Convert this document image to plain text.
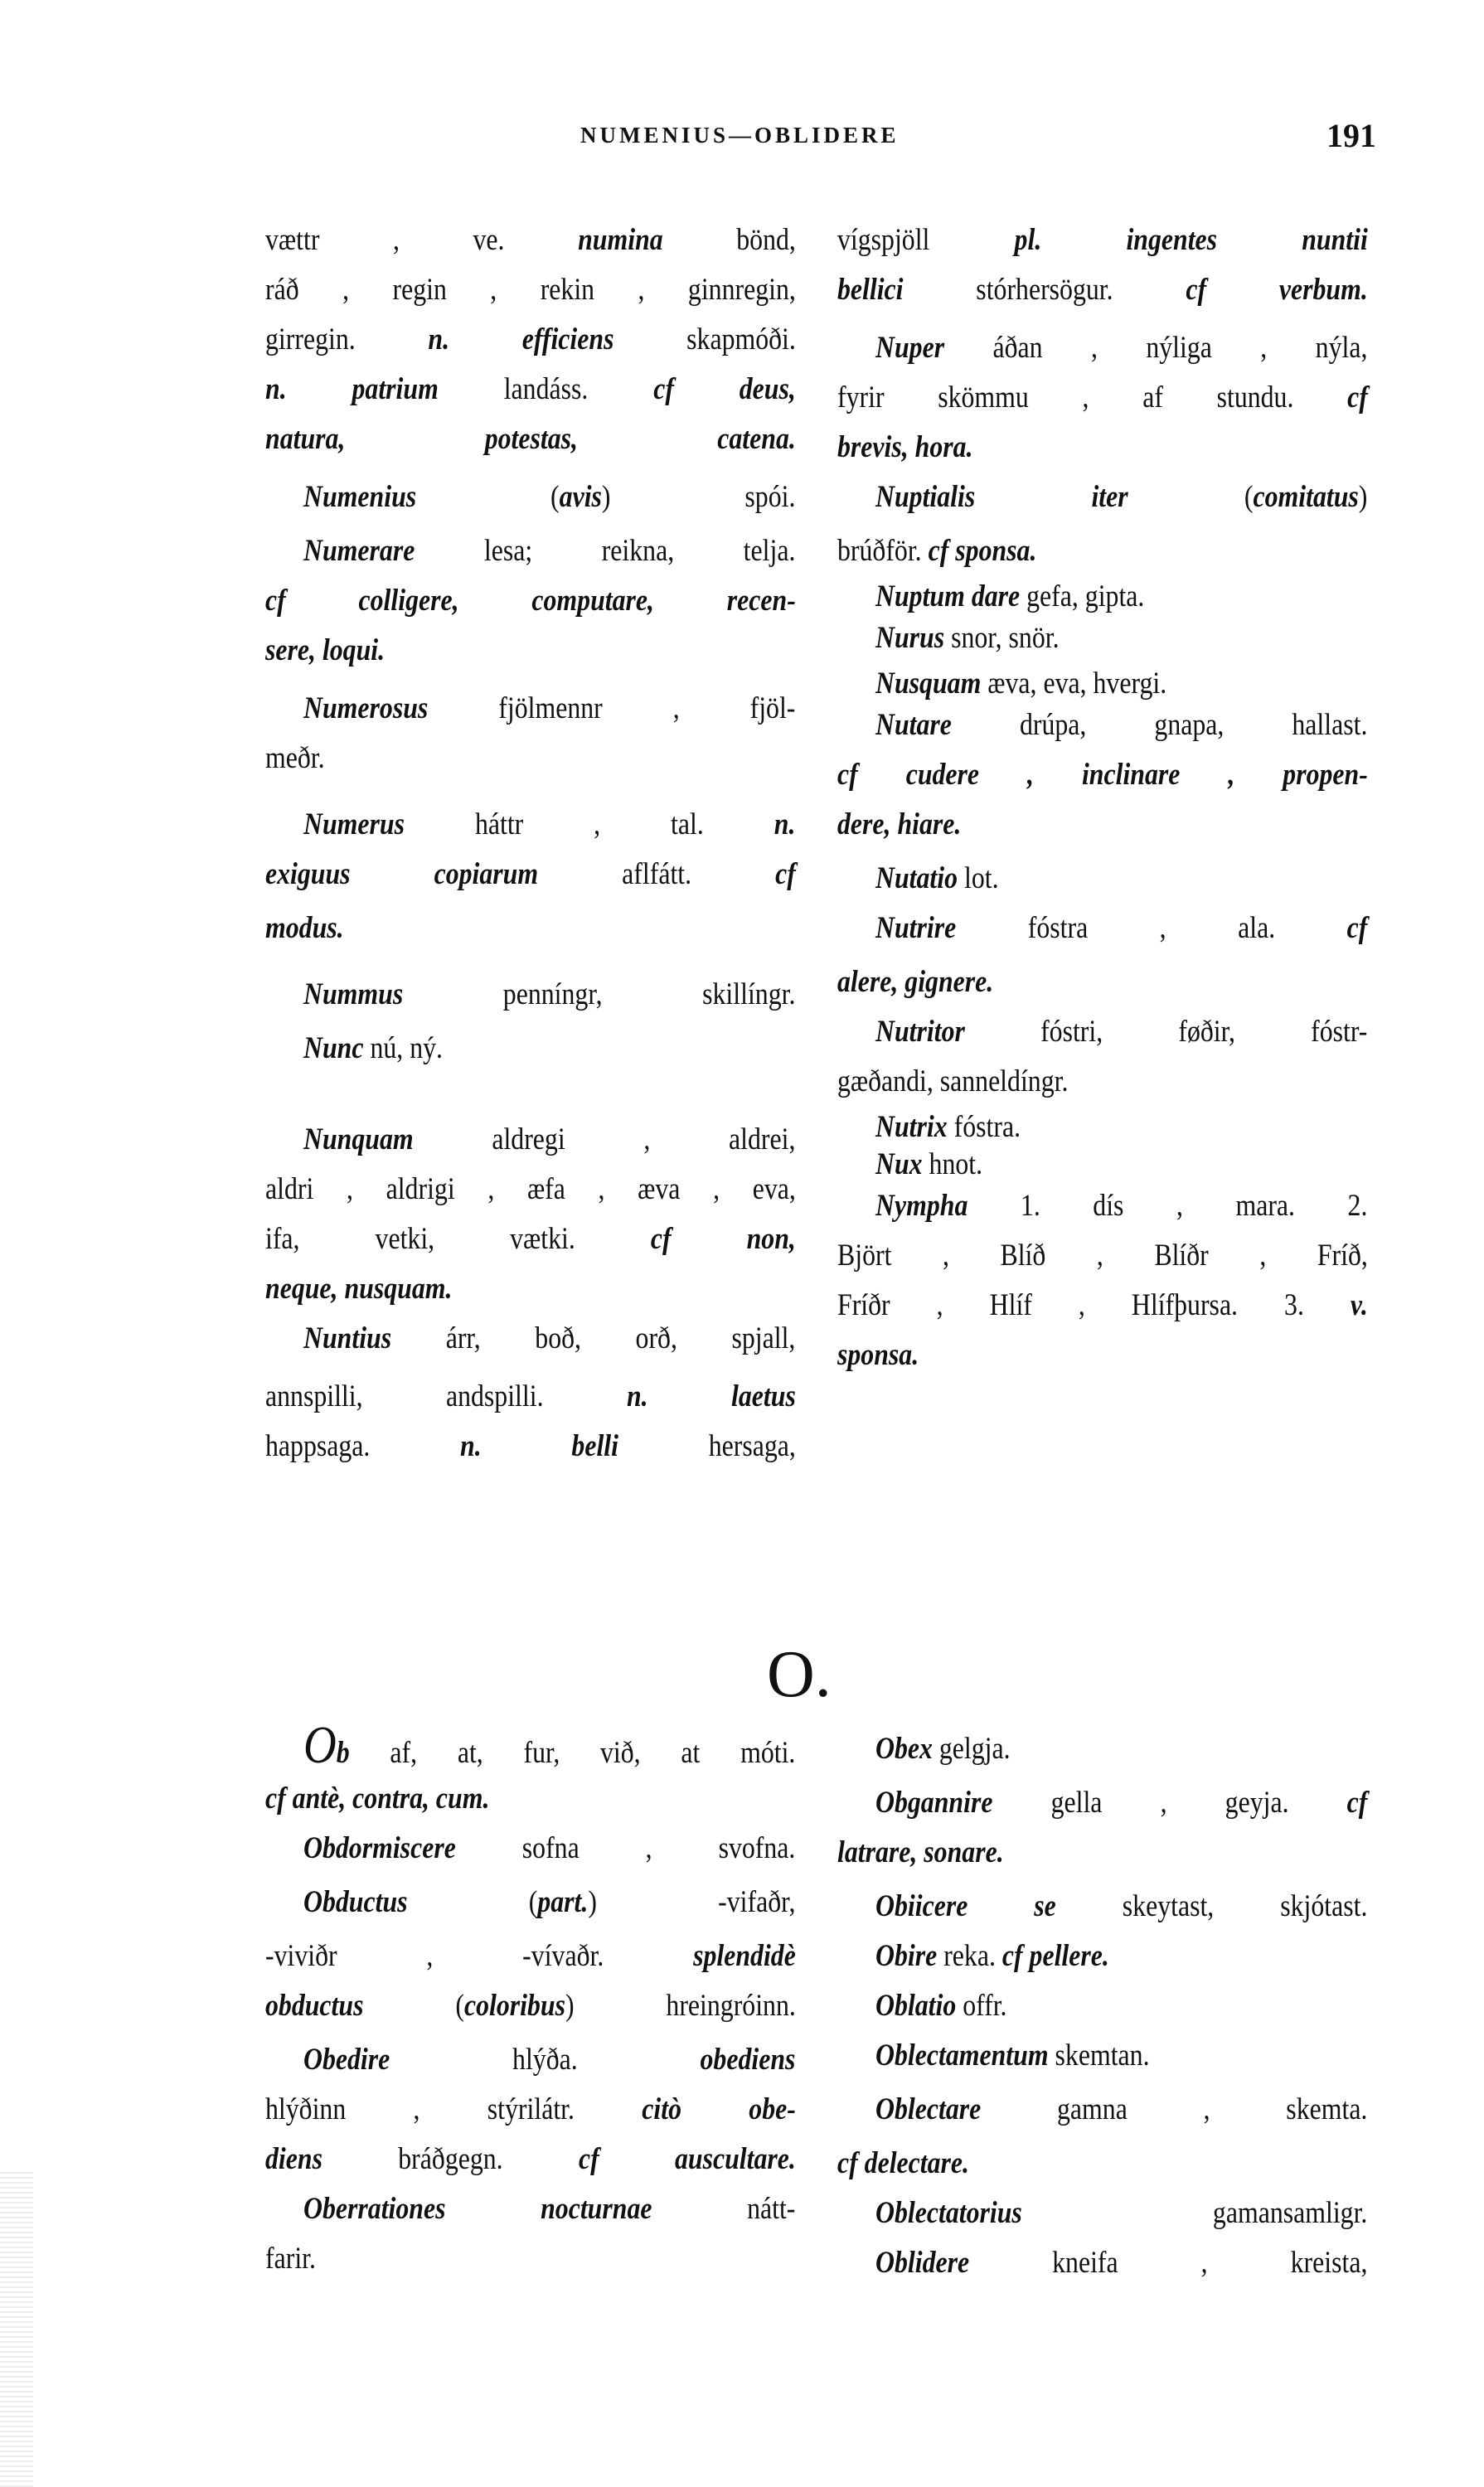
NUMENIUS—OBLIDERE	191
vættr , ve. numina bönd,
ráð , regin , rekin , ginnregin,
girregin. n. efficiens skapmóði.
n. patrium landáss. cf deus,
natura, potestas, catena.
Numenius (avis) spói.
Numerare lesa; reikna, telja.
cf colligere, computare, recen-
sere, loqui.
Numerosus fjölmennr , fjöl-
meðr.
Numerus háttr , tal. n.
exiguus copiarum aflfátt. cf
modus.
Nummus penníngr, skillíngr.
Nunc nú, ný.
Nunquam aldregi , aldrei,
aldri , aldrigi , æfa , æva , eva,
ifa, vetki, vætki. cf non,
neque, nusquam.
Nuntius árr, boð, orð, spjall,
annspilli, andspilli. n. laetus
happsaga. n. belli hersaga,
vígspjöll pl. ingentes nuntii
bellici stórhersögur. cf verbum.
Nuper áðan , nýliga , nýla,
fyrir skömmu , af stundu. cf
brevis, hora.
Nuptialis iter (comitatus)
brúðför. cf sponsa.
Nuptum dare gefa, gipta.
Nurus snor, snör.
Nusquam æva, eva, hvergi.
Nutare drúpa, gnapa, hallast.
cf cudere , inclinare , propen-
dere, hiare.
Nutatio lot.
Nutrire fóstra , ala. cf
alere, gignere.
Nutritor fóstri, føðir, fóstr-
gæðandi, sanneldíngr.
Nutrix fóstra.
Nux hnot.
Nympha 1. dís , mara. 2.
Björt , Blíð , Blíðr , Fríð,
Fríðr , Hlíf , Hlífþursa. 3. v.
sponsa.
O.
Ob af, at, fur, við, at móti.
cf antè, contra, cum.
Obdormiscere sofna , svofna.
Obductus (part.) -vifaðr,
-viviðr , -vívaðr. splendidè
obductus (coloribus) hreingróinn.
Obedire hlýða. obediens
hlýðinn , stýrilátr. citò obe-
diens bráðgegn. cf auscultare.
Oberrationes nocturnae nátt-
farir.
Obex gelgja.
Obgannire gella , geyja. cf
latrare, sonare.
Obiicere se skeytast, skjótast.
Obire reka. cf pellere.
Oblatio offr.
Oblectamentum skemtan.
Oblectare gamna , skemta.
cf delectare.
Oblectatorius gamansamligr.
Oblidere kneifa , kreista,
